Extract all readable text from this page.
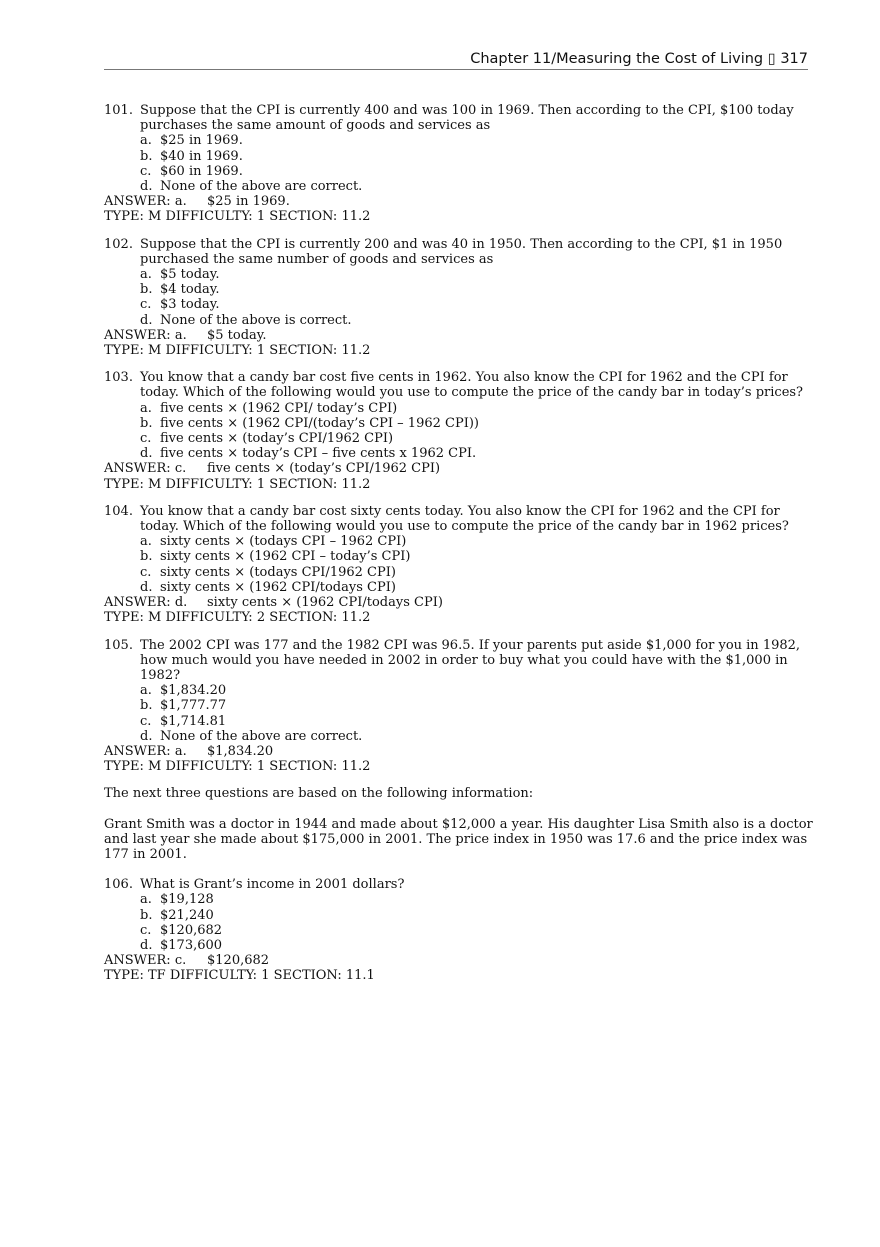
Chapter 11/Measuring the Cost of Living ▯ 317
101. Suppose that the CPI is currently 400 and was 100 in 1969. Then according to the CPI, $100 today purchases the same amount of goods and services as
a. $25 in 1969.
b. $40 in 1969.
c. $60 in 1969.
d. None of the above are correct.
ANSWER: a.	$25 in 1969.
TYPE: M DIFFICULTY: 1 SECTION: 11.2
102. Suppose that the CPI is currently 200 and was 40 in 1950. Then according to the CPI, $1 in 1950 purchased the same number of goods and services as
a. $5 today.
b. $4 today.
c. $3 today.
d. None of the above is correct.
ANSWER: a.	$5 today.
TYPE: M DIFFICULTY: 1 SECTION: 11.2
103. You know that a candy bar cost five cents in 1962. You also know the CPI for 1962 and the CPI for today. Which of the following would you use to compute the price of the candy bar in today’s prices?
a. five cents × (1962 CPI/ today’s CPI)
b. five cents × (1962 CPI/(today’s CPI – 1962 CPI))
c. five cents × (today’s CPI/1962 CPI)
d. five cents × today’s CPI – five cents x 1962 CPI.
ANSWER: c.	five cents × (today’s CPI/1962 CPI)
TYPE: M DIFFICULTY: 1 SECTION: 11.2
104. You know that a candy bar cost sixty cents today. You also know the CPI for 1962 and the CPI for today. Which of the following would you use to compute the price of the candy bar in 1962 prices?
a. sixty cents × (todays CPI – 1962 CPI)
b. sixty cents × (1962 CPI – today’s CPI)
c. sixty cents × (todays CPI/1962 CPI)
d. sixty cents × (1962 CPI/todays CPI)
ANSWER: d.	sixty cents × (1962 CPI/todays CPI)
TYPE: M DIFFICULTY: 2 SECTION: 11.2
105. The 2002 CPI was 177 and the 1982 CPI was 96.5. If your parents put aside $1,000 for you in 1982, how much would you have needed in 2002 in order to buy what you could have with the $1,000 in 1982?
a. $1,834.20
b. $1,777.77
c. $1,714.81
d. None of the above are correct.
ANSWER: a.	$1,834.20
TYPE: M DIFFICULTY: 1 SECTION: 11.2
The next three questions are based on the following information:
Grant Smith was a doctor in 1944 and made about $12,000 a year. His daughter Lisa Smith also is a doctor and last year she made about $175,000 in 2001. The price index in 1950 was 17.6 and the price index was 177 in 2001.
106. What is Grant’s income in 2001 dollars?
a. $19,128
b. $21,240
c. $120,682
d. $173,600
ANSWER: c.	$120,682
TYPE: TF DIFFICULTY: 1 SECTION: 11.1
